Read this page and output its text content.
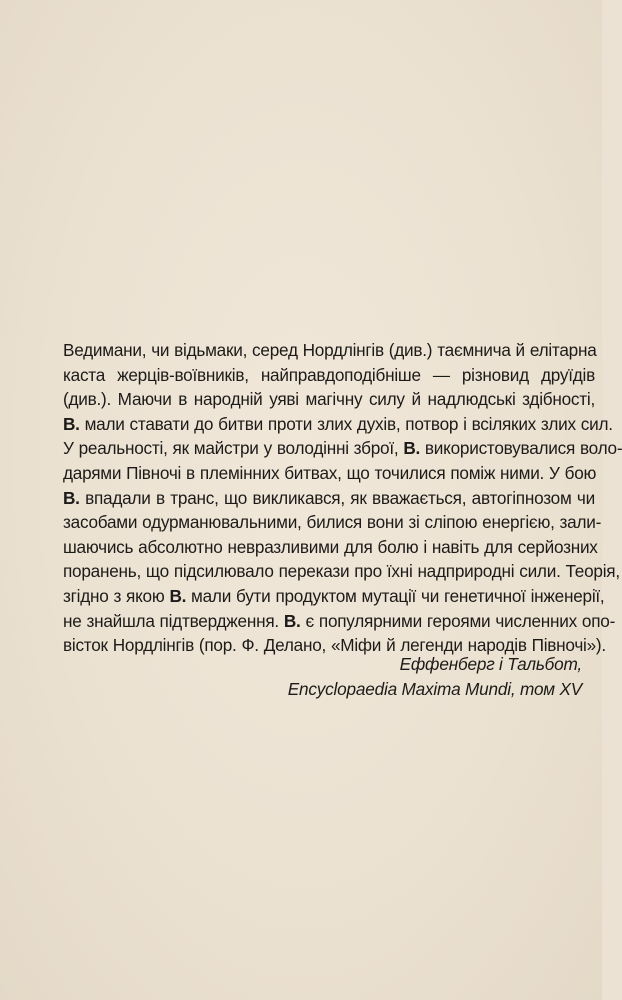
Ведимани, чи відьмаки, серед Нордлінгів (див.) таємнича й елітарна
каста жерців-воївників, найправдоподібніше — різновид друїдів
(див.). Маючи в народній уяві магічну силу й надлюдські здібності,
В. мали ставати до битви проти злих духів, потвор і всіляких злих сил.
У реальності, як майстри у володінні зброї, В. використовувалися воло-
дарями Півночі в племінних битвах, що точилися поміж ними. У бою
В. впадали в транс, що викликався, як вважається, автогіпнозом чи
засобами одурманювальними, билися вони зі сліпою енергією, зали-
шаючись абсолютно невразливими для болю і навіть для серйозних
поранень, що підсилювало перекази про їхні надприродні сили. Теорія,
згідно з якою В. мали бути продуктом мутації чи генетичної інженерії,
не знайшла підтвердження. В. є популярними героями численних опо-
вісток Нордлінгів (пор. Ф. Делано, «Міфи й легенди народів Півночі»).
Еффенберг і Тальбот,
Encyclopaedia Maxima Mundi, том XV
